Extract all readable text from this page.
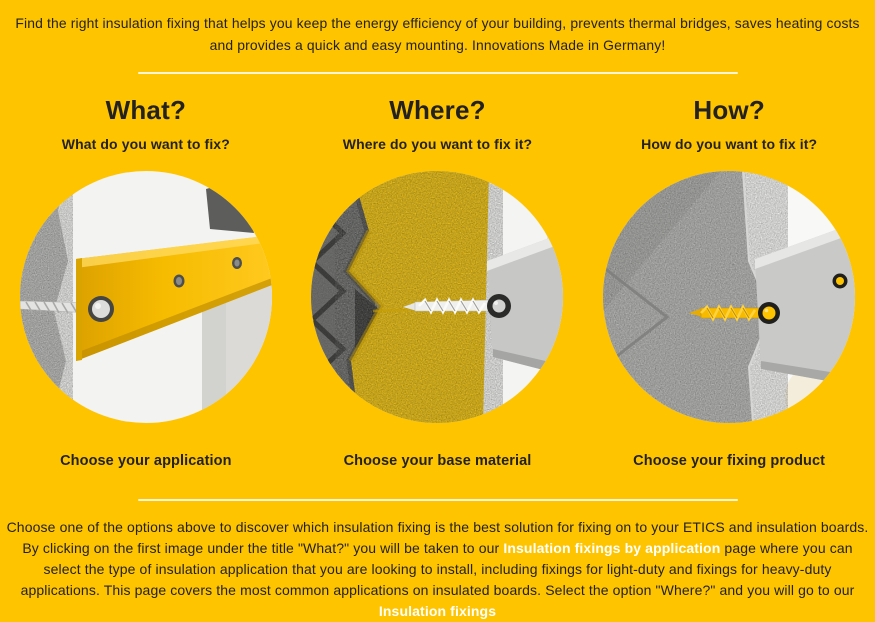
Find the right insulation fixing that helps you keep the energy efficiency of your building, prevents thermal bridges, saves heating costs and provides a quick and easy mounting. Innovations Made in Germany!

What?

What do you want to fix?

Choose your application

Where?

Where do you want to fix it?

Choose your base material

How?

How do you want to fix it?

Choose your fixing product

Choose one of the options above to discover which insulation fixing is the best solution for fixing on to your ETICS and insulation boards. By clicking on the first image under the title "What?" you will be taken to our Insulation fixings by application page where you can select the type of insulation application that you are looking to install, including fixings for light-duty and fixings for heavy-duty applications. This page covers the most common applications on insulated boards. Select the option "Where?" and you will go to our Insulation fixings
